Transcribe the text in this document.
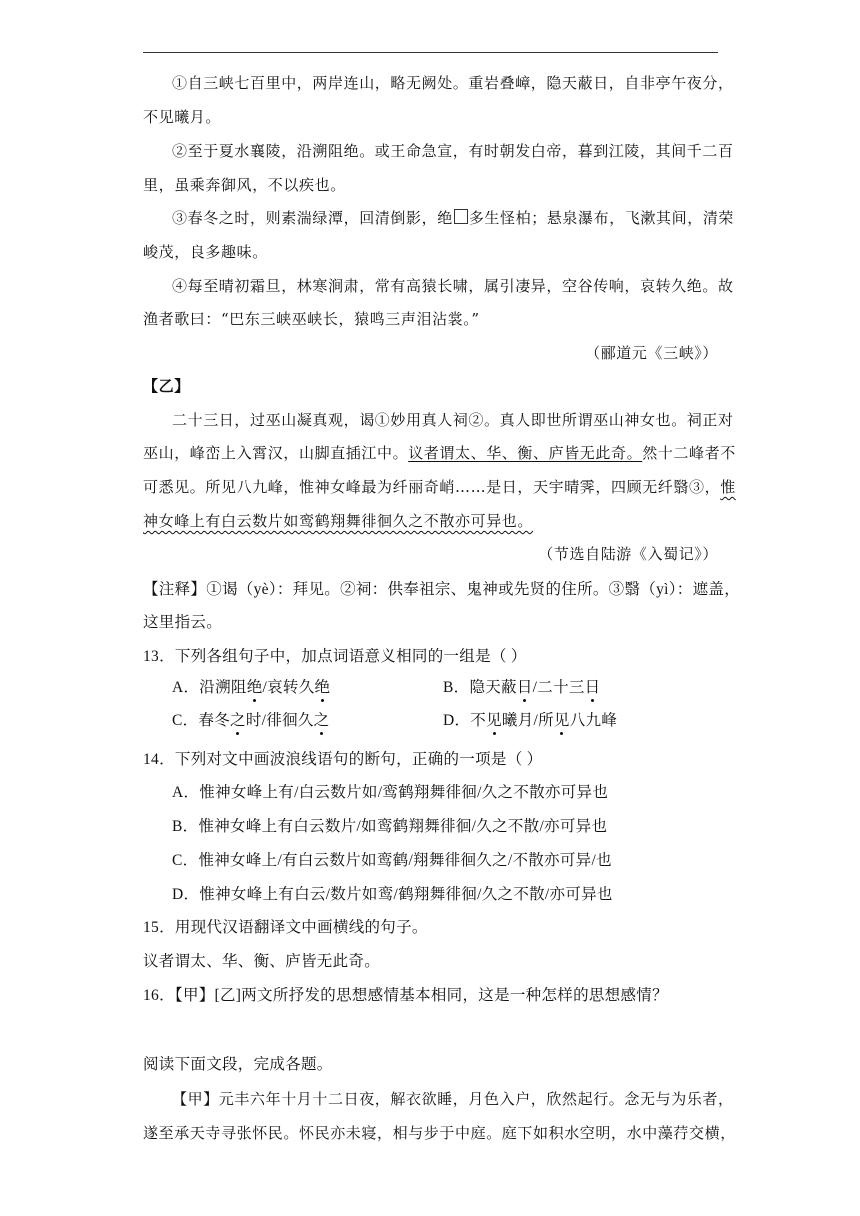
①自三峡七百里中，两岸连山，略无阙处。重岩叠嶂，隐天蔽日，自非亭午夜分，
不见曦月。
②至于夏水襄陵，沿溯阻绝。或王命急宣，有时朝发白帝，暮到江陵，其间千二百
里，虽乘奔御风，不以疾也。
③春冬之时，则素湍绿潭，回清倒影，绝 多生怪柏；悬泉瀑布，飞漱其间，清荣
峻茂，良多趣味。
④每至晴初霜旦，林寒涧肃，常有高猿长啸，属引凄异，空谷传响，哀转久绝。故
渔者歌曰：“巴东三峡巫峡长，猿鸣三声泪沾裳。”
（郦道元《三峡》）
【乙】
二十三日，过巫山凝真观，谒①妙用真人祠②。真人即世所谓巫山神女也。祠正对
巫山，峰峦上入霄汉，山脚直插江中。议者谓太、华、衡、庐皆无此奇。然十二峰者不
可悉见。所见八九峰，惟神女峰最为纤丽奇峭……是日，天宇晴霁，四顾无纤翳③，惟
神女峰上有白云数片如鸾鹤翔舞徘徊久之不散亦可异也。
（节选自陆游《入蜀记》）
【注释】①谒（yè）：拜见。②祠：供奉祖宗、鬼神或先贤的住所。③翳（yì）：遮盖，
这里指云。
13．下列各组句子中，加点词语意义相同的一组是（ ）
A．沿溯阻绝/哀转久绝	B．隐天蔽日/二十三日
C．春冬之时/徘徊久之	D．不见曦月/所见八九峰
14．下列对文中画波浪线语句的断句，正确的一项是（ ）
A．惟神女峰上有/白云数片如/鸾鹤翔舞徘徊/久之不散亦可异也
B．惟神女峰上有白云数片/如鸾鹤翔舞徘徊/久之不散/亦可异也
C．惟神女峰上/有白云数片如鸾鹤/翔舞徘徊久之/不散亦可异/也
D．惟神女峰上有白云/数片如鸾/鹤翔舞徘徊/久之不散/亦可异也
15．用现代汉语翻译文中画横线的句子。
议者谓太、华、衡、庐皆无此奇。
16．【甲】[乙]两文所抒发的思想感情基本相同，这是一种怎样的思想感情？
阅读下面文段，完成各题。
【甲】元丰六年十月十二日夜，解衣欲睡，月色入户，欣然起行。念无与为乐者，
遂至承天寺寻张怀民。怀民亦未寝，相与步于中庭。庭下如积水空明，水中藻荇交横，
